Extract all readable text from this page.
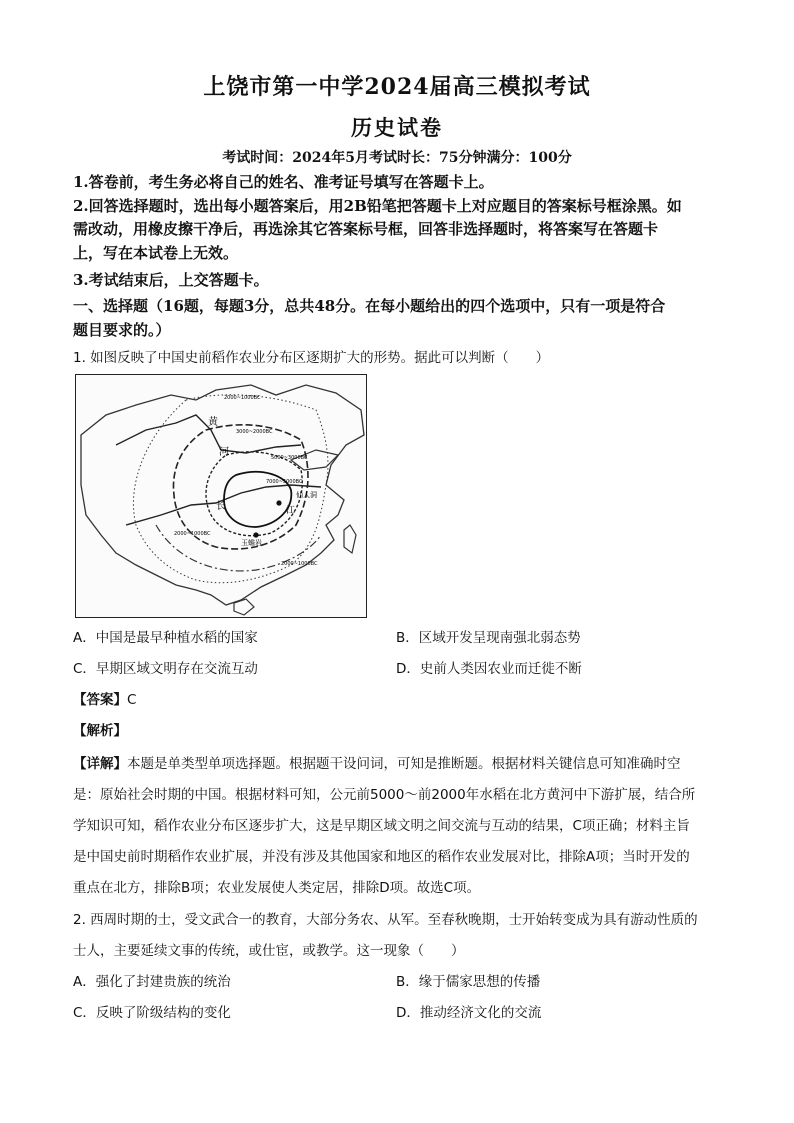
上饶市第一中学2024届高三模拟考试
历史试卷
考试时间：2024年5月考试时长：75分钟满分：100分
1.答卷前，考生务必将自己的姓名、准考证号填写在答题卡上。
2.回答选择题时，选出每小题答案后，用2B铅笔把答题卡上对应题目的答案标号框涂黑。如
需改动，用橡皮擦干净后，再选涂其它答案标号框，回答非选择题时，将答案写在答题卡
上，写在本试卷上无效。
3.考试结束后，上交答题卡。
一、选择题（16题，每题3分，总共48分。在每小题给出的四个选项中，只有一项是符合
题目要求的。）
1. 如图反映了中国史前稻作农业分布区逐期扩大的形势。据此可以判断（　　）
黄
河
长	江
仙人洞
玉蟾岩
2000~1000BC
3000~2000BC
5000~3000BC
7000~5000BC
2000~1000BC
2000~1000BC
A．中国是最早种植水稻的国家	B．区域开发呈现南强北弱态势
C．早期区域文明存在交流互动	D．史前人类因农业而迁徙不断
【答案】C
【解析】
【详解】本题是单类型单项选择题。根据题干设问词，可知是推断题。根据材料关键信息可知准确时空
是：原始社会时期的中国。根据材料可知，公元前5000～前2000年水稻在北方黄河中下游扩展，结合所
学知识可知，稻作农业分布区逐步扩大，这是早期区域文明之间交流与互动的结果，C项正确；材料主旨
是中国史前时期稻作农业扩展，并没有涉及其他国家和地区的稻作农业发展对比，排除A项；当时开发的
重点在北方，排除B项；农业发展使人类定居，排除D项。故选C项。
2. 西周时期的士，受文武合一的教育，大部分务农、从军。至春秋晚期，士开始转变成为具有游动性质的
士人，主要延续文事的传统，或仕宦，或教学。这一现象（　　）
A．强化了封建贵族的统治	B．缘于儒家思想的传播
C．反映了阶级结构的变化	D．推动经济文化的交流
